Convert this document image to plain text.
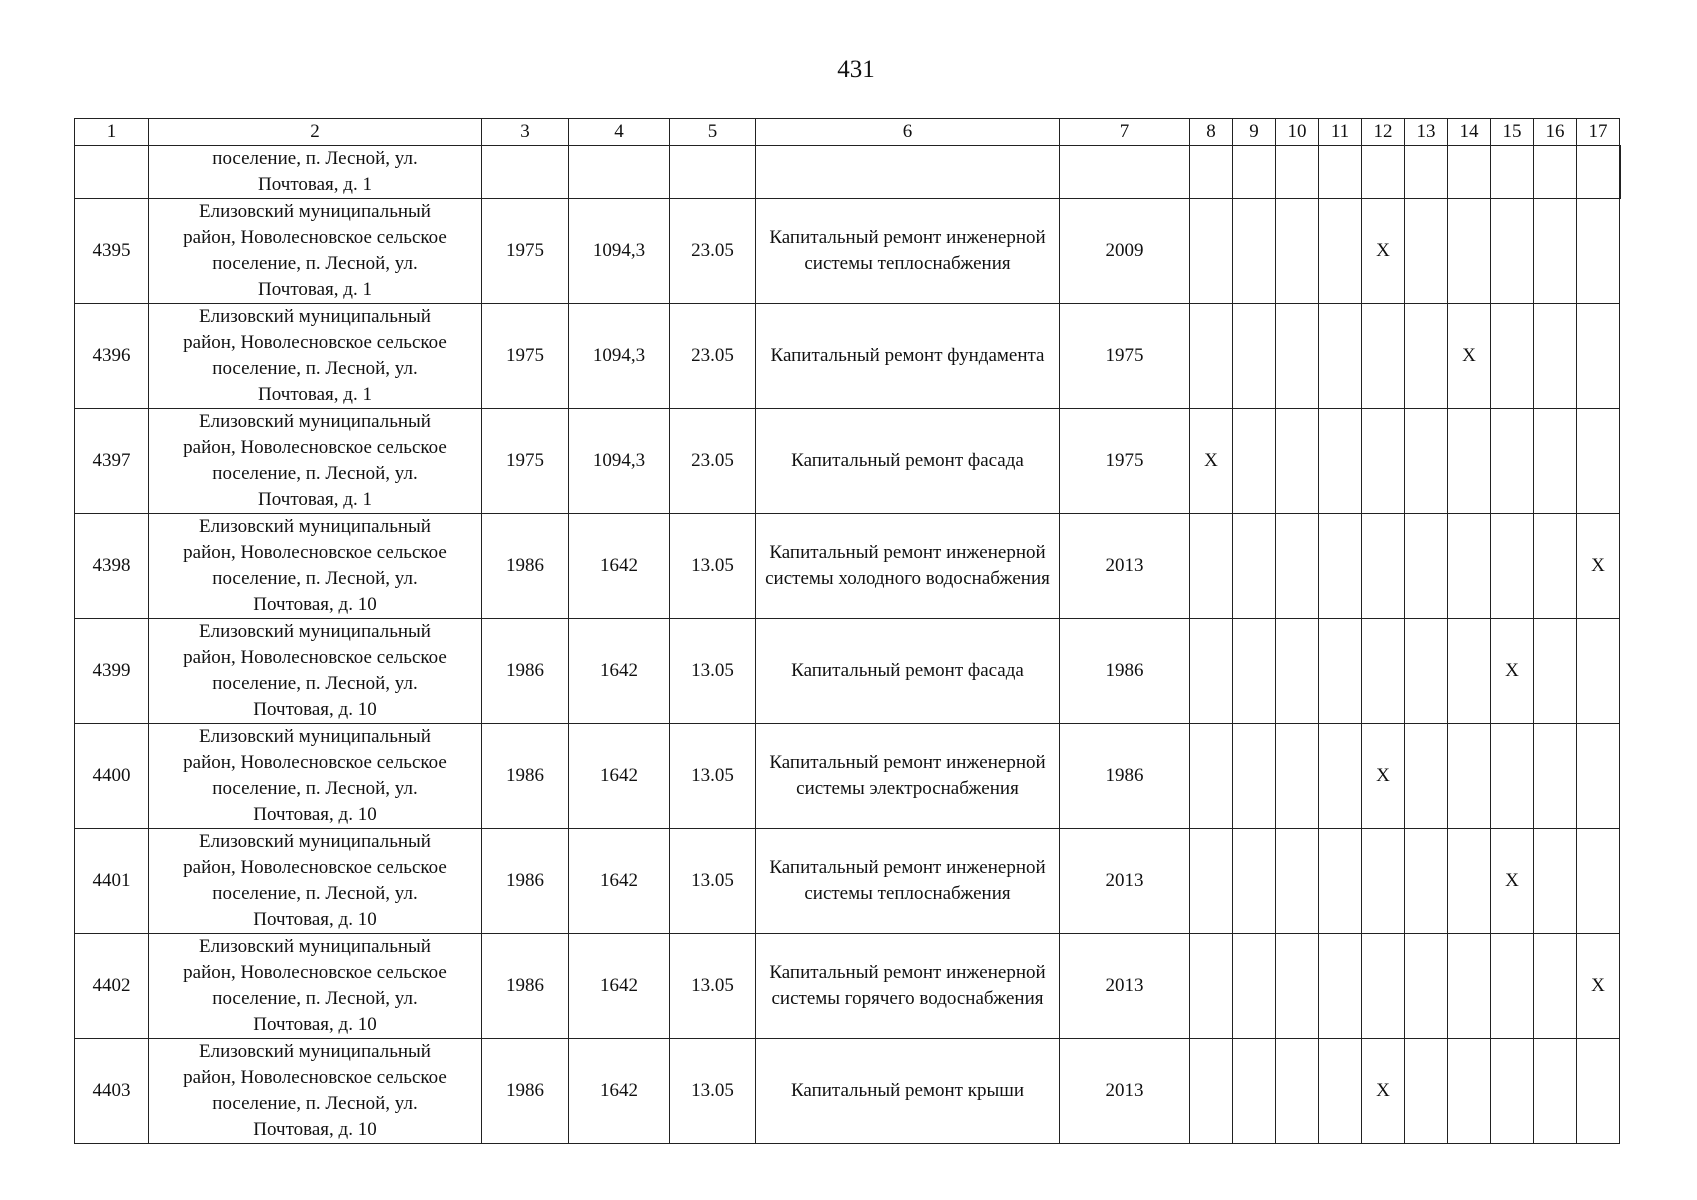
431
1	2	3	4	5	6	7	8	9	10	11	12	13	14	15	16	17	
	поселение, п. Лесной, ул.
Почтовая, д. 1																
4395	Елизовский муниципальный
район, Новолесновское сельское
поселение, п. Лесной, ул.
Почтовая, д. 1	1975	1094,3	23.05	Капитальный ремонт инженерной системы теплоснабжения	2009					X						
4396	Елизовский муниципальный
район, Новолесновское сельское
поселение, п. Лесной, ул.
Почтовая, д. 1	1975	1094,3	23.05	Капитальный ремонт фундамента	1975							X				
4397	Елизовский муниципальный
район, Новолесновское сельское
поселение, п. Лесной, ул.
Почтовая, д. 1	1975	1094,3	23.05	Капитальный ремонт фасада	1975	X										
4398	Елизовский муниципальный
район, Новолесновское сельское
поселение, п. Лесной, ул.
Почтовая, д. 10	1986	1642	13.05	Капитальный ремонт инженерной системы холодного водоснабжения	2013										X	
4399	Елизовский муниципальный
район, Новолесновское сельское
поселение, п. Лесной, ул.
Почтовая, д. 10	1986	1642	13.05	Капитальный ремонт фасада	1986								X			
4400	Елизовский муниципальный
район, Новолесновское сельское
поселение, п. Лесной, ул.
Почтовая, д. 10	1986	1642	13.05	Капитальный ремонт инженерной системы электроснабжения	1986					X						
4401	Елизовский муниципальный
район, Новолесновское сельское
поселение, п. Лесной, ул.
Почтовая, д. 10	1986	1642	13.05	Капитальный ремонт инженерной системы теплоснабжения	2013								X			
4402	Елизовский муниципальный
район, Новолесновское сельское
поселение, п. Лесной, ул.
Почтовая, д. 10	1986	1642	13.05	Капитальный ремонт инженерной системы горячего водоснабжения	2013										X	
4403	Елизовский муниципальный
район, Новолесновское сельское
поселение, п. Лесной, ул.
Почтовая, д. 10	1986	1642	13.05	Капитальный ремонт крыши	2013					X						
